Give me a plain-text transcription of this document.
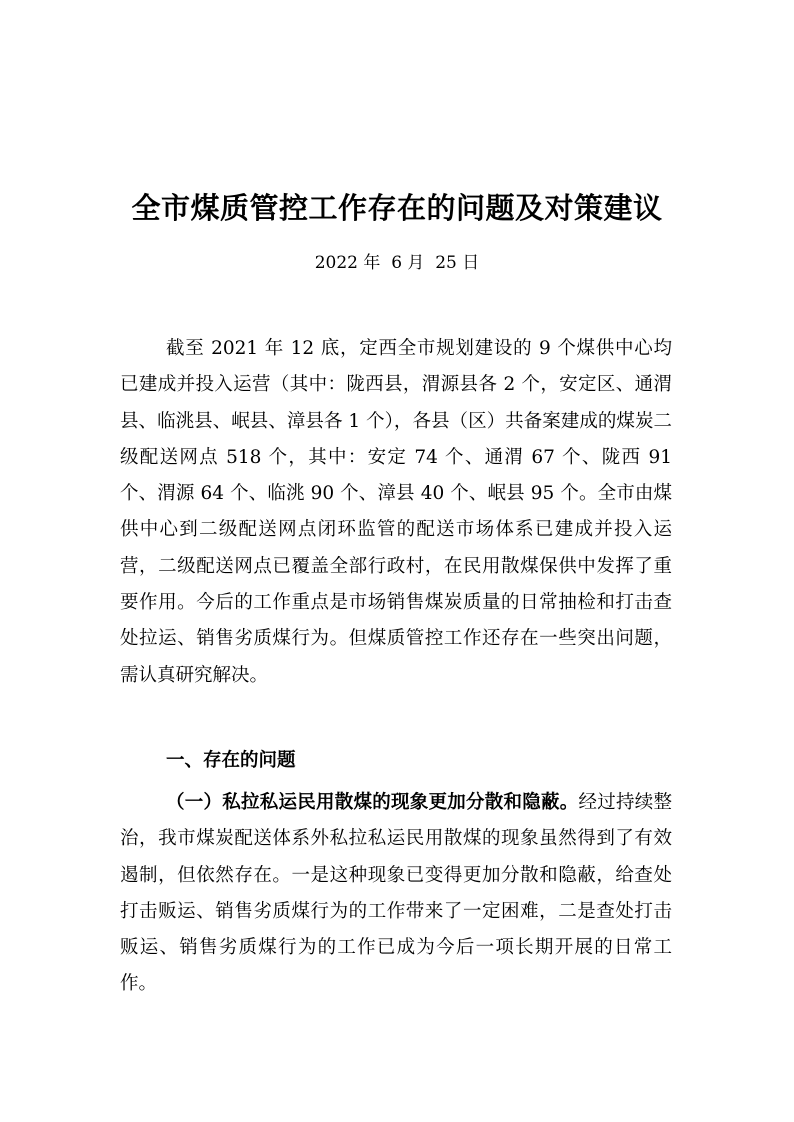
全市煤质管控工作存在的问题及对策建议
2022 年  6 月  25 日

截至 2021 年 12 底，定西全市规划建设的 9 个煤供中心均已建成并投入运营（其中：陇西县，渭源县各 2 个，安定区、通渭县、临洮县、岷县、漳县各 1 个），各县（区）共备案建成的煤炭二级配送网点 518 个，其中：安定 74 个、通渭 67 个、陇西 91 个、渭源 64 个、临洮 90 个、漳县 40 个、岷县 95 个。全市由煤供中心到二级配送网点闭环监管的配送市场体系已建成并投入运营，二级配送网点已覆盖全部行政村，在民用散煤保供中发挥了重要作用。今后的工作重点是市场销售煤炭质量的日常抽检和打击查处拉运、销售劣质煤行为。但煤质管控工作还存在一些突出问题，需认真研究解决。

一、存在的问题

（一）私拉私运民用散煤的现象更加分散和隐蔽。经过持续整治，我市煤炭配送体系外私拉私运民用散煤的现象虽然得到了有效遏制，但依然存在。一是这种现象已变得更加分散和隐蔽，给查处打击贩运、销售劣质煤行为的工作带来了一定困难，二是查处打击贩运、销售劣质煤行为的工作已成为今后一项长期开展的日常工作。
